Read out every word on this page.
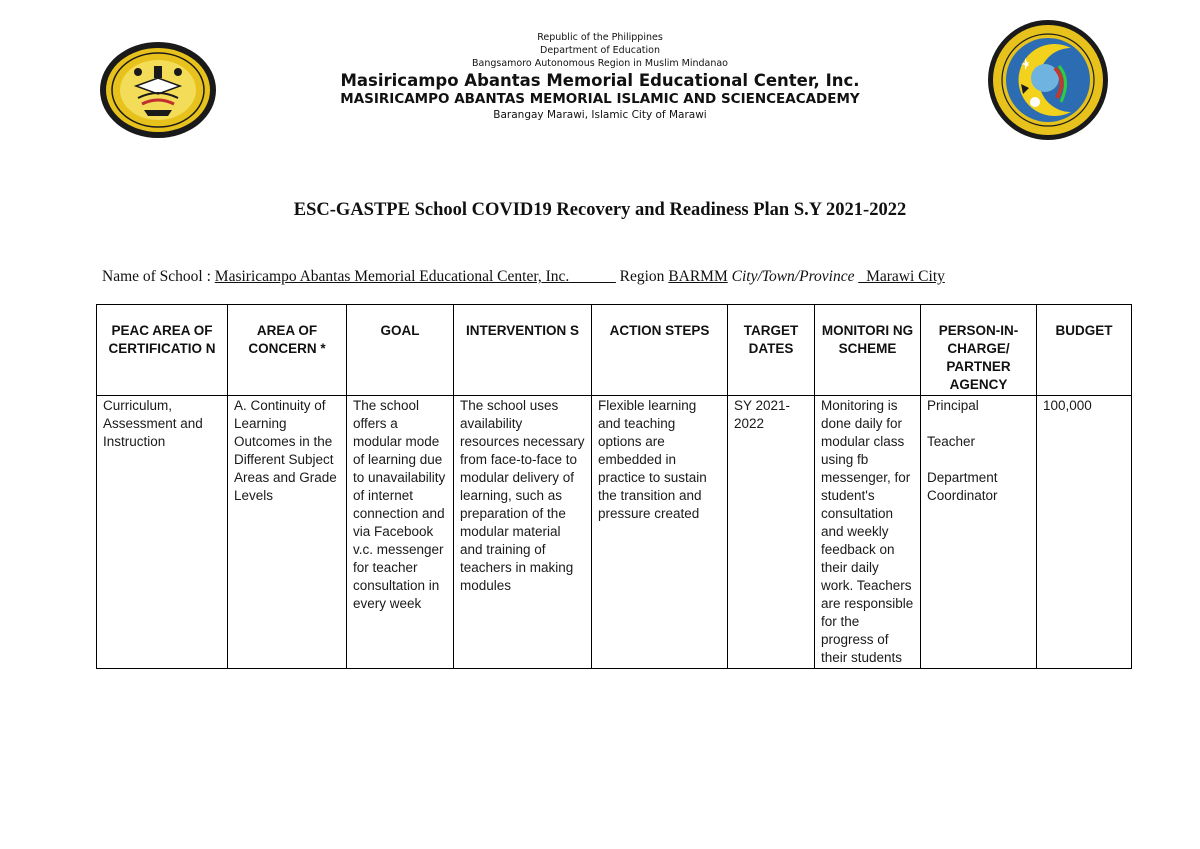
Republic of the Philippines
Department of Education
Bangsamoro Autonomous Region in Muslim Mindanao
Masiricampo Abantas Memorial Educational Center, Inc.
MASIRICAMPO ABANTAS MEMORIAL ISLAMIC AND SCIENCEACADEMY
Barangay Marawi, Islamic City of Marawi
ESC-GASTPE School COVID19 Recovery and Readiness Plan S.Y 2021-2022
Name of School : Masiricampo Abantas Memorial Educational Center, Inc.______ Region BARMM City/Town/Province _Marawi City
PEAC AREA OF CERTIFICATIO N	AREA OF CONCERN *	GOAL	INTERVENTION S	ACTION STEPS	TARGET DATES	MONITORI NG SCHEME	PERSON-IN-CHARGE/ PARTNER AGENCY	BUDGET
Curriculum, Assessment and Instruction	A. Continuity of Learning Outcomes in the Different Subject Areas and Grade Levels	The school offers a modular mode of learning due to unavailability of internet connection and via Facebook v.c. messenger for teacher consultation in every week	The school uses availability resources necessary from face-to-face to modular delivery of learning, such as preparation of the modular material and training of teachers in making modules	Flexible learning and teaching options are embedded in practice to sustain the transition and pressure created	SY 2021-2022	Monitoring is done daily for modular class using fb messenger, for student's consultation and weekly feedback on their daily work. Teachers are responsible for the progress of their students	Principal
Teacher
Department Coordinator	100,000
